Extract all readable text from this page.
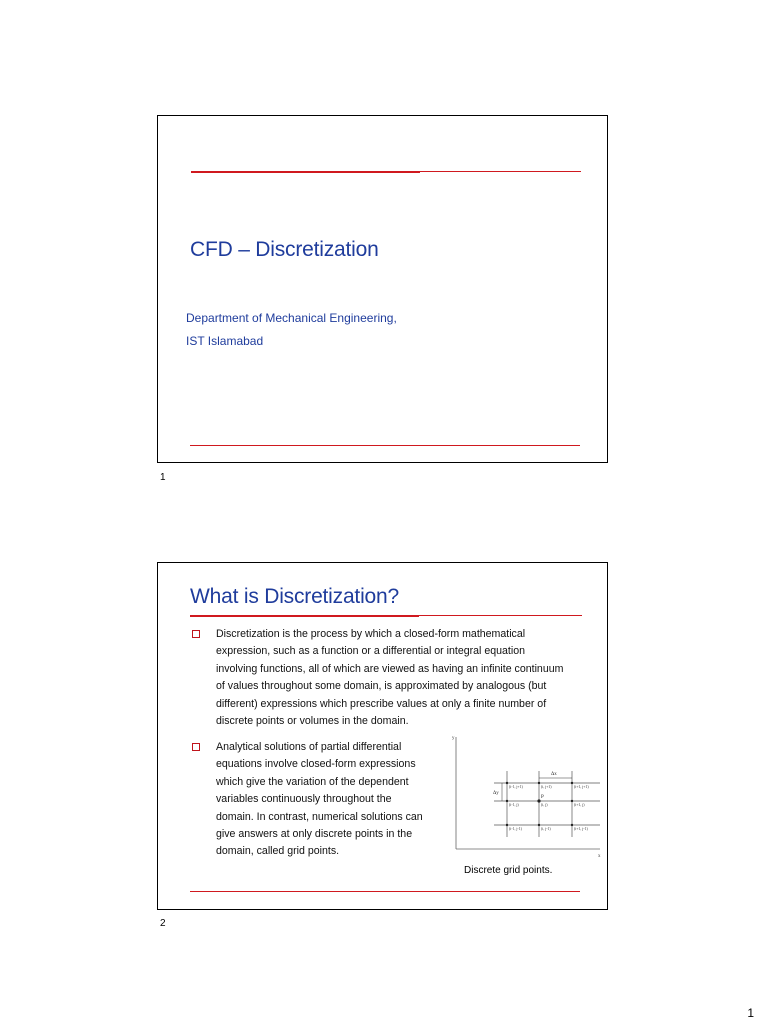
CFD – Discretization
Department of Mechanical Engineering,
IST Islamabad
1
What is Discretization?
Discretization is the process by which a closed-form mathematical
expression, such as a function or a differential or integral equation
involving functions, all of which are viewed as having an infinite continuum
of values throughout some domain, is approximated by analogous (but
different) expressions which prescribe values at only a finite number of
discrete points or volumes in the domain.
Analytical solutions of partial differential
equations involve closed-form expressions
which give the variation of the dependent
variables continuously throughout the
domain. In contrast, numerical solutions can
give answers at only discrete points in the
domain, called grid points.
y
x
Δx
Δy
P
(i-1, j+1)	(i, j+1)	(i+1, j+1)
(i-1, j)	(i, j)	(i+1, j)
(i-1, j-1)	(i, j-1)	(i+1, j-1)
Discrete grid points.
2
1
